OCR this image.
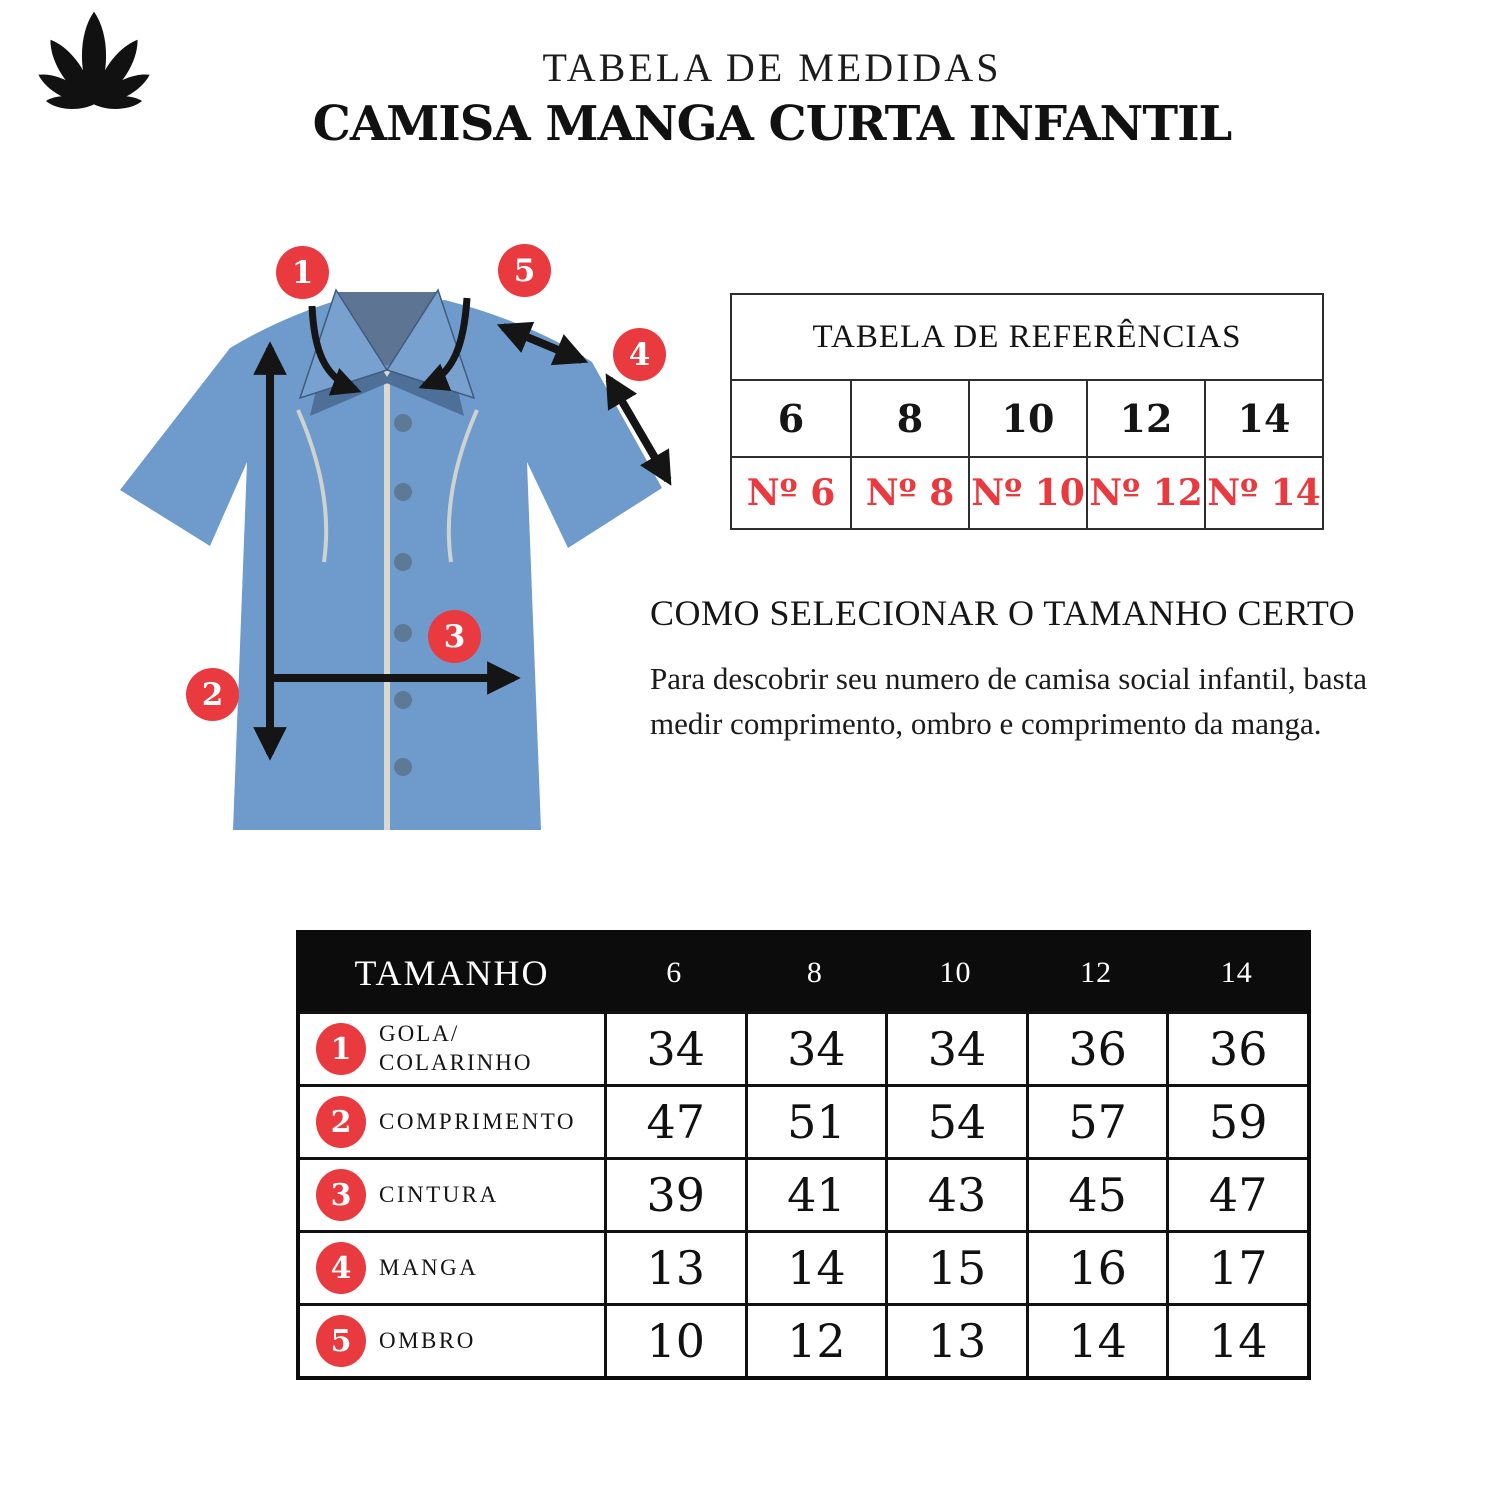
TABELA DE MEDIDAS
CAMISA MANGA CURTA INFANTIL
1
2
3
4
5
TABELA DE REFERÊNCIAS
6	8	10	12	14
Nº 6 Nº 8 Nº 10 Nº 12 Nº 14
COMO SELECIONAR O TAMANHO CERTO
Para descobrir seu numero de camisa social infantil, basta medir comprimento, ombro e comprimento da manga.
TAMANHO	6	8	10	12	14
1	GOLA/
COLARINHO	34	34	34	36	36
2	COMPRIMENTO	47	51	54	57	59
3	CINTURA	39	41	43	45	47
4	MANGA	13	14	15	16	17
5	OMBRO	10	12	13	14	14
